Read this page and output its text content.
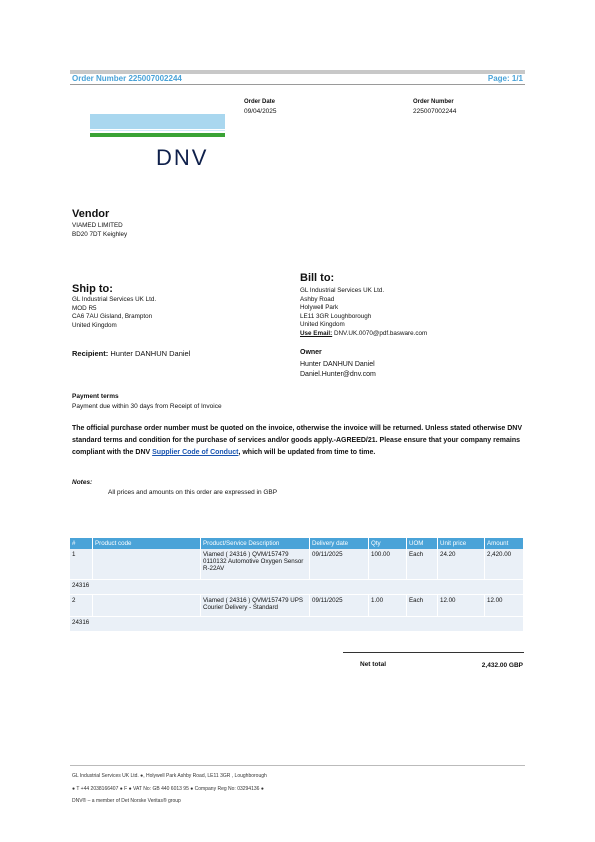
Order Number 225007002244	Page: 1/1
Order Date
09/04/2025
Order Number
225007002244
DNV
Vendor
VIAMED LIMITED
BD20 7DT Keighley
Bill to:
GL Industrial Services UK Ltd.
Ashby Road
Holywell Park
LE11 3GR Loughborough
United Kingdom
Use Email: DNV.UK.0070@pdf.basware.com
Ship to:
GL Industrial Services UK Ltd.
MOD R5
CA6 7AU Gisland, Brampton
United Kingdom
Recipient: Hunter DANHUN Daniel	Owner
Hunter DANHUN Daniel
Daniel.Hunter@dnv.com
Payment terms
Payment due within 30 days from Receipt of Invoice
The official purchase order number must be quoted on the invoice, otherwise the invoice will be returned. Unless stated otherwise DNV standard terms and condition for the purchase of services and/or goods apply.-AGREED/21. Please ensure that your company remains compliant with the DNV Supplier Code of Conduct, which will be updated from time to time.
Notes:
All prices and amounts on this order are expressed in GBP
#	Product code	Product/Service Description	Delivery date	Qty	UOM	Unit price	Amount
1		Viamed ( 24316 ) QVM/157479 0110132 Automotive Oxygen Sensor R-22AV	09/11/2025	100.00	Each	24.20	2,420.00
24316							
2		Viamed ( 24316 ) QVM/157479 UPS Courier Delivery - Standard	09/11/2025	1.00	Each	12.00	12.00
24316							
Net total	2,432.00 GBP
GL Industrial Services UK Ltd. ●, Holywell Park Ashby Road, LE11 3GR , Loughborough
● T +44 2038166407 ● F ● VAT No: GB 440 6013 95 ● Company Reg No: 03294136 ●
DNV® – a member of Det Norske Veritas® group
